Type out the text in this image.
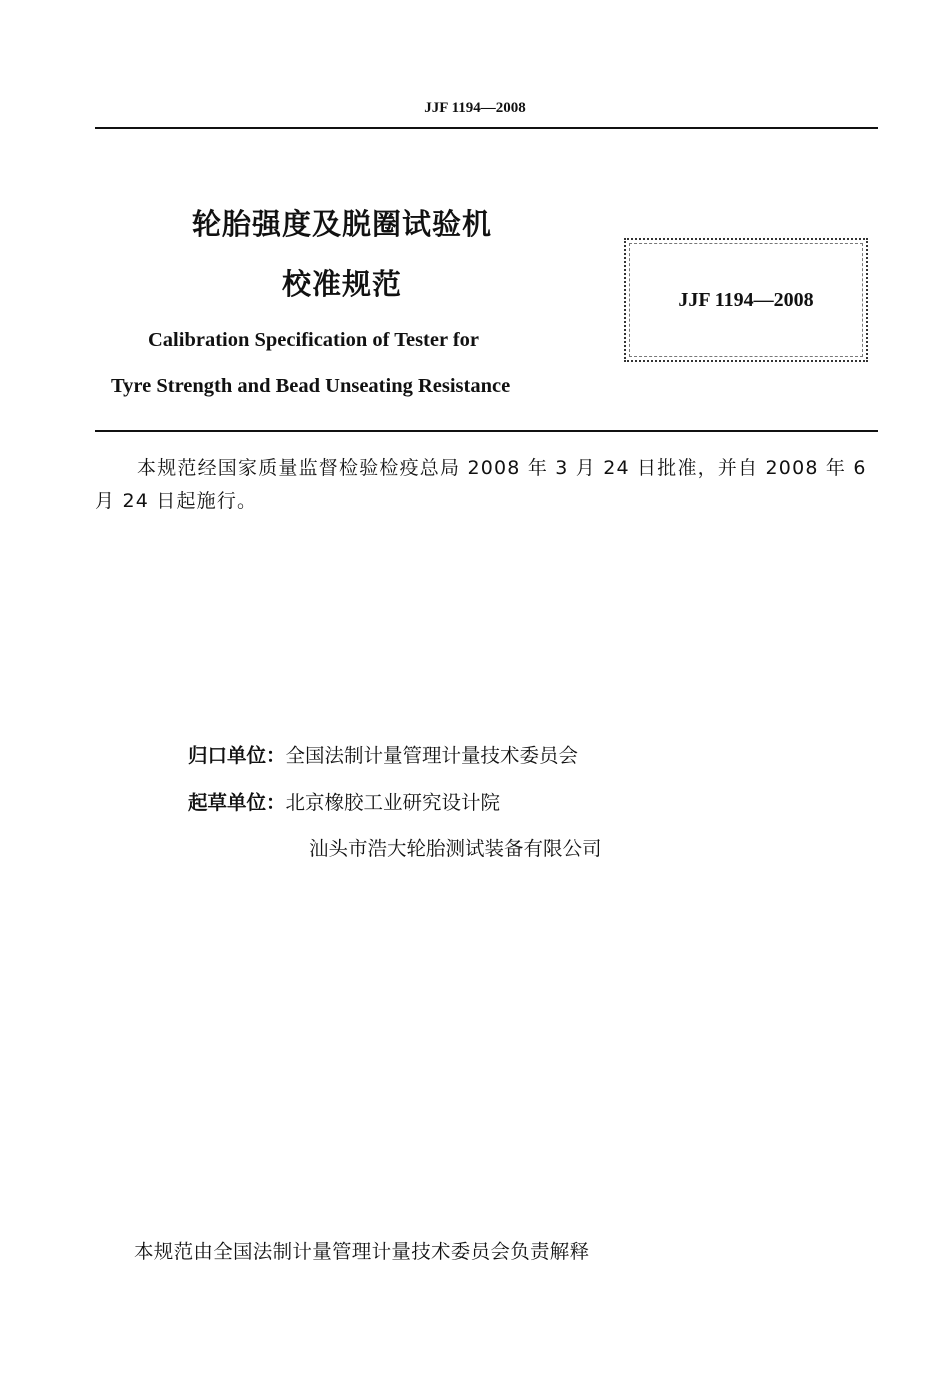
JJF 1194—2008
轮胎强度及脱圈试验机
校准规范
Calibration Specification of Tester for
Tyre Strength and Bead Unseating Resistance
JJF 1194—2008
本规范经国家质量监督检验检疫总局 2008 年 3 月 24 日批准，并自 2008 年 6 月 24 日起施行。
归口单位：全国法制计量管理计量技术委员会
起草单位：北京橡胶工业研究设计院
汕头市浩大轮胎测试装备有限公司
本规范由全国法制计量管理计量技术委员会负责解释
